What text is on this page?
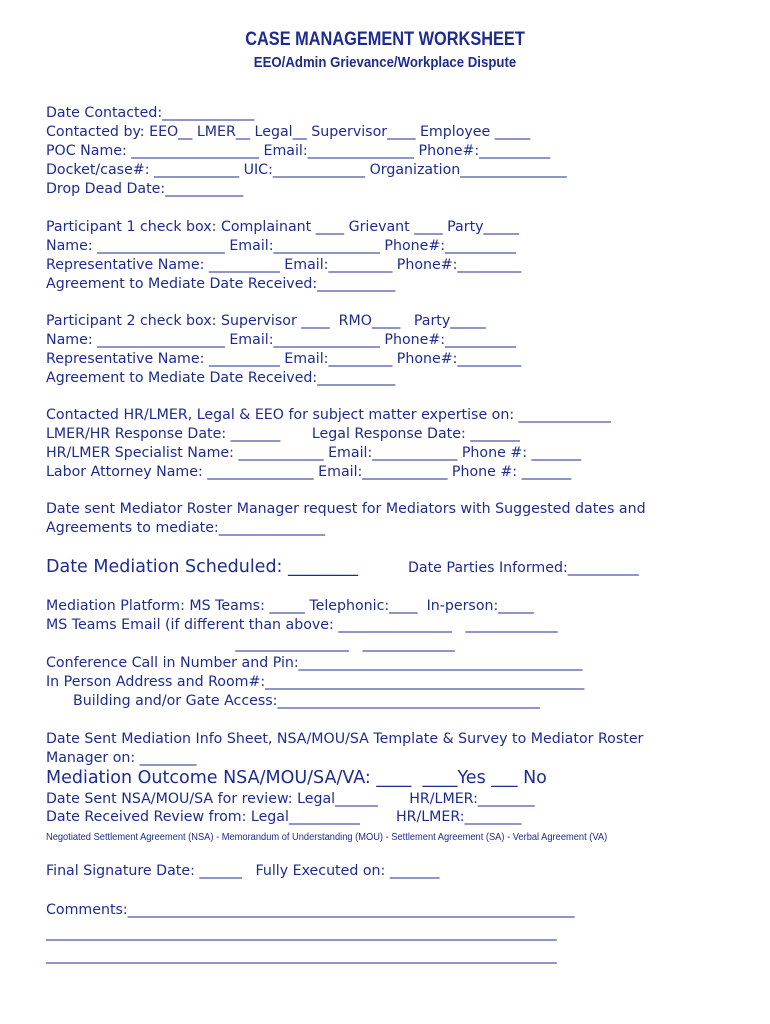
CASE MANAGEMENT WORKSHEET
EEO/Admin Grievance/Workplace Dispute
Date Contacted:_____________
Contacted by: EEO__ LMER__ Legal__ Supervisor____ Employee _____
POC Name: __________________ Email:_______________ Phone#:__________
Docket/case#: ____________ UIC:_____________ Organization_______________
Drop Dead Date:___________
Participant 1 check box: Complainant ____ Grievant ____ Party_____
Name: __________________ Email:_______________ Phone#:__________
Representative Name: __________ Email:_________ Phone#:_________
Agreement to Mediate Date Received:___________
Participant 2 check box: Supervisor ____  RMO____   Party_____
Name: __________________ Email:_______________ Phone#:__________
Representative Name: __________ Email:_________ Phone#:_________
Agreement to Mediate Date Received:___________
Contacted HR/LMER, Legal & EEO for subject matter expertise on: _____________
LMER/HR Response Date: _______       Legal Response Date: _______
HR/LMER Specialist Name: ____________ Email:____________ Phone #: _______
Labor Attorney Name: _______________ Email:____________ Phone #: _______
Date sent Mediator Roster Manager request for Mediators with Suggested dates and
Agreements to mediate:_______________
Date Mediation Scheduled: ________	Date Parties Informed:__________
Mediation Platform: MS Teams: _____ Telephonic:____  In-person:_____
MS Teams Email (if different than above: ________________   _____________
________________   _____________
Conference Call in Number and Pin:________________________________________
In Person Address and Room#:_____________________________________________
Building and/or Gate Access:_____________________________________
Date Sent Mediation Info Sheet, NSA/MOU/SA Template & Survey to Mediator Roster
Manager on: ________
Mediation Outcome NSA/MOU/SA/VA: ____  ____Yes ___ No
Date Sent NSA/MOU/SA for review: Legal______       HR/LMER:________
Date Received Review from: Legal__________        HR/LMER:________
Negotiated Settlement Agreement (NSA) - Memorandum of Understanding (MOU) - Settlement Agreement (SA) - Verbal Agreement (VA)
Final Signature Date: ______   Fully Executed on: _______
Comments:_______________________________________________________________
________________________________________________________________________
________________________________________________________________________
